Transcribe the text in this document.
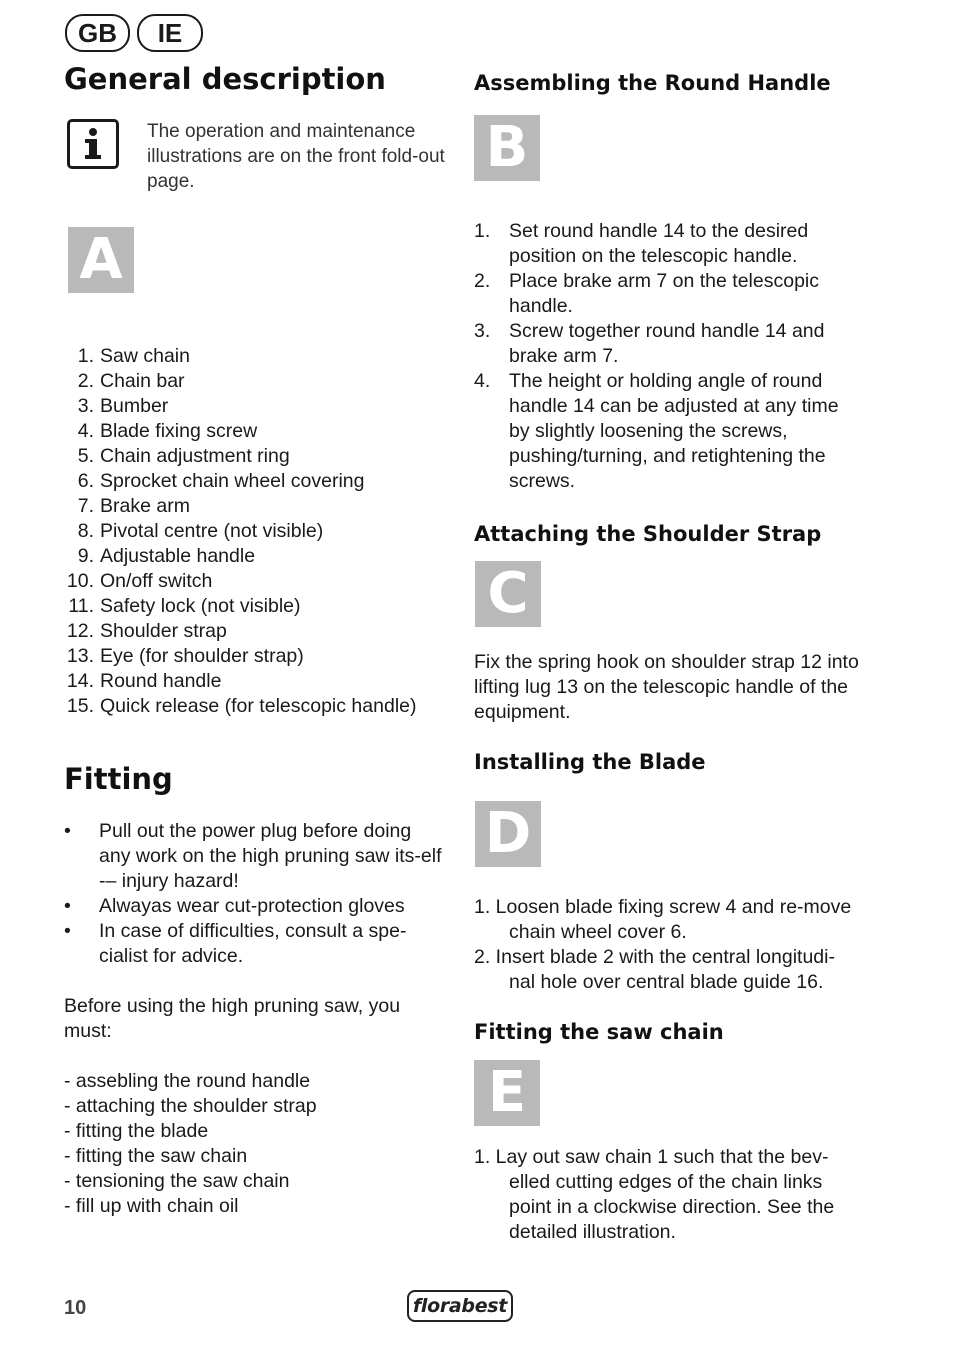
GB	IE
General description
The operation and maintenance illustrations are on the front fold-out page.
A
1. Saw chain
2. Chain bar
3. Bumber
4. Blade fixing screw
5. Chain adjustment ring
6. Sprocket chain wheel covering
7. Brake arm
8. Pivotal centre (not visible)
9. Adjustable handle
10. On/off switch
11. Safety lock (not visible)
12. Shoulder strap
13. Eye (for shoulder strap)
14. Round handle
15. Quick release (for telescopic handle)
Fitting
•	Pull out the power plug before doing any work on the high pruning saw its-elf -– injury hazard!
•	Alwayas wear cut-protection gloves
•	In case of difficulties, consult a spe-cialist for advice.
Before using the high pruning saw, you must:
- assebling the round handle
- attaching the shoulder strap
- fitting the blade
- fitting the saw chain
- tensioning the saw chain
- fill up with chain oil
Assembling the Round Handle
B
1. Set round handle 14 to the desired position on the telescopic handle.
2. Place brake arm 7 on the telescopic handle.
3. Screw together round handle 14 and brake arm 7.
4. The height or holding angle of round handle 14 can be adjusted at any time by slightly loosening the screws, pushing/turning, and retightening the screws.
Attaching the Shoulder Strap
C
Fix the spring hook on shoulder strap 12 into lifting lug 13 on the telescopic handle of the equipment.
Installing the Blade
D
1. Loosen blade fixing screw 4 and re-move chain wheel cover 6.
2. Insert blade 2 with the central longitudi-nal hole over central blade guide 16.
Fitting the saw chain
E
1. Lay out saw chain 1 such that the bev-elled cutting edges of the chain links point in a clockwise direction. See the detailed illustration.
10	florabest
